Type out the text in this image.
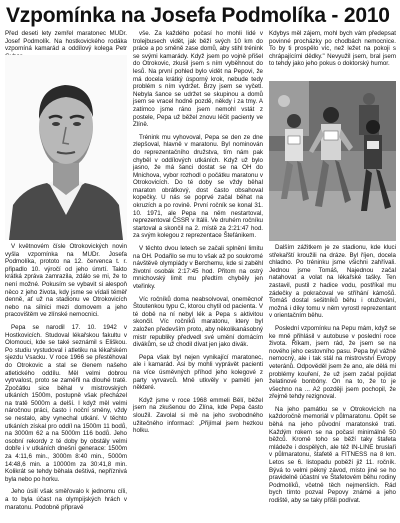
Vzpomínka na Josefa Podmolíka - 2010

Před deseti lety zemřel maratonec MUDr. Josef Podmolík. Na hostkovického rodáka vzpomíná kamarád a oddílový kolega Petr

V květnovém čísle Otrokovických novin vyšla vzpomínka na MUDr. Josefa Podmolíka, prototo na 12. červenca t. r. připadlo 10. výročí od jeho úmrtí. Takto krátká zpráva zamrazila, zdálo se mi, že to není možné. Pokusím se vybavit si alespoň něco z jeho života, kdy jsme se vídali téměř denně, ať už na stadionu ve Otrokovicích nebo na silnici mezi domovem a jeho pracovištěm ve zlínské nemocnici.

Pepa se narodil 17. 10. 1942 v Hostkovicích. Studoval lékařskou fakultu v Olomouci, kde se také seznámil s Eliškou. Po studiu vystudoval i atletiku na lékařském sjezdu Vsacku. V roce 1966 se přestěhoval do Otrokovic a stal se členem našeho atletického oddílu. Měl velmi dobrou vytrvalost, proto se zaměřil na dlouhé tratě. Zpočátku sice běhal v mistrovských utkáních 1500m, postupně však přecházel na tratě 5000m a delší. I když měl velmi náročnou práci, často i noční směny, vždy se nestalo, aby vynechal utkání. V těchto utkáních získal pro oddíl na 1500m 11 bodů, na 3000m 62 a na 5000m 116 bodů. Jeho osobní rekordy z té doby by obstály velmi dobře i v utkáních dnešní generace: 1500m za 4:11,6 min., 3000m 8:40 min., 5000m 14:48,6 min. a 10000m za 30:41,8 min. Kolikrát se tehdy běhala deštivá, nepříznivá byla nebo po horku.

Jeho úsilí však směřovalo k jednomu cíli, a to byla účast na olympijských hrách v maratonu. Podobně připravě

vše. Za každého počasí ho mohli lidé v trolejbusech vidět, jak běží svých 10 km do práce a po směně zase domů, aby stihl trénink se svými kamarády. Když jsem po vojně přišel do Otrokovic, zkusil jsem s ním vyběhnout do lesů. Na první pohled bylo vidět na Pepovi, že má docela krátký úsporný krok, nebude tedy problém s ním vydržet. Brzy jsem se vyčetl. Nebyla šance se udržet se skupinou a domů jsem se vracel hodně pozdě, někdy i za tmy. A zatímco jsme ráno jsem nemohl vstát z postele, Pepa už běžel znovu léčit pacienty ve Zlíně.

Trénink mu vyhovoval, Pepa se den ze dne zlepšoval, hlavně v maratonu. Byl nominován do reprezentačního družstva, tím nám pak chyběl v oddílových utkáních. Když už bylo jasno, že má šanci dostat se na OH do Mnichova, vybor rozhodl o počátku maratonu v Otrokovicích. Do té doby se vždy běhal maraton obrátkový, dost často obsahoval kopečky. U nás se poprvé začal běhat na okruzích a po rovině. První ročník se konal 31. 10. 1971, ale Pepa na něm nestartoval, reprezentoval ČSSR v Itálii. Ve druhém ročníku startoval a skončil na 2. místě za 2:21:47 hod. za svým kolegou z reprezentace Štefánikem.

V těchto dvou letech se začali splnění limitu na OH. Podařilo se mu to však až po soukromé návštěvě olympiády v Berchemu, kde si zaběhl životní osobák 2:17:45 hod. Přitom na ostrý mnichovský limit mu předtím chyběly jen vteřinky.

Víc ročníků doma neabsolvoval, oneměcnoř Štoutenkou typu C, ktorou chytil od pacienta. V té době na ní nebyl lék a Pepa s aktivitou skončil. Víc ročníků maratonu, ktery byl založen především proto, aby několikanásobný mistr republiky předvedl své umění domácím divákům, se už chodil dívat jen jako divák.

Pepa však byl nejen vynikající maratonec, ale i kamarád. Asi by mohli vyprávět pacienti na více úsměvných příhod jeho kolegové z party vyrvavců. Mně utkvěly v paměti jen některé.

Když jsme v roce 1968 emmeli Bělí, běžel jsem na zkušenou do Zlína, kde Pepa často sloužil. Zavolal si mě na jeho svobodného užitečného informací: „Přijímal jsem hezkou holku.

Kdybys měl zájem, mohl bych vám předepsat povinné procházky po chodbách nemocnice. To by ti prospělo víc, než ležet na pokoji s chrápajícími dědky." Nevyužil jsem, bral jsem to tehdy jako jeho pokus o doktorský humor.

Dalším zážitkem je ze stadionu, kde kluci střekařští kroužili na dráze. Byl říjen, docela chladno. Po tréninku jsme všichni zahřívali. Jednou jsme Tomáš, Najednou začal natahovat a volat na lékařské tašky. Ten zastavil, pustil z hadice vodu, postříkal mu zádečky a pokračoval ve stříhání kámošů. Tomáš dostal sešitníků běhu i otužování, možná i díky tomu v něm vyrostl reprezentant v orientačním běhu.

Poslední vzpomínku na Pepu mám, když se ke mně přihlásil v autobuse v poslední roce života. Říkam, jsem rád, že jsem se na nového jeho cestovního pasu. Pepa byl vážně nemocný, ale i tak stál na mistrovství Evropy veteránů. Odpověděl jsem že ano, ale dělá mi problémy kouření, že už jsem začal pojídat želatinové bonbóny. On na to, že to je všechno na ... A2 později jsem pochopil, že zřejmě tehdy rezignoval.

Na jeho památku se v Otrokovicích na každoročně memoriál v půlmaratonu. Opět se běhá na jeho původní maratonské trati. Každým rokem se na počasí minimálně 50 běžců. Kromě toho se běží taky štafeta mládeže i dospělých, ale též IN-LINE bruslaři v půlmaratonu, štafetě a FITNESS na 8 km. Letos se 6. listopadu poběží již 11. ročník. Bývá to velmi pěkný závod, místo jiné se ho pravidelně účastní ve Štafetovém běhu rodiny Podmolíků, včetně těch nejmenších. Rád bych tímto pozval Pepovy známé a jeho rodiště, aby se taky přišli podívat.
